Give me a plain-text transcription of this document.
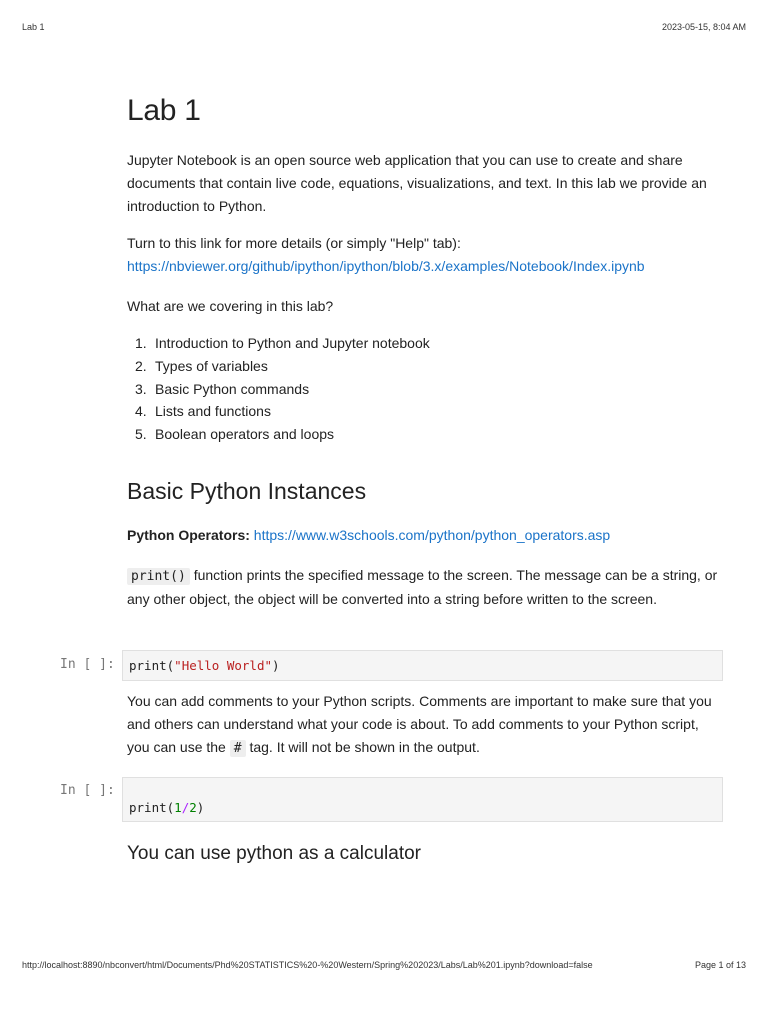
Lab 1	2023-05-15, 8:04 AM
Lab 1

Jupyter Notebook is an open source web application that you can use to create and share documents that contain live code, equations, visualizations, and text. In this lab we provide an introduction to Python.

Turn to this link for more details (or simply "Help" tab):
https://nbviewer.org/github/ipython/ipython/blob/3.x/examples/Notebook/Index.ipynb

What are we covering in this lab?

1. Introduction to Python and Jupyter notebook
2. Types of variables
3. Basic Python commands
4. Lists and functions
5. Boolean operators and loops
Basic Python Instances

Python Operators: https://www.w3schools.com/python/python_operators.asp

print() function prints the specified message to the screen. The message can be a string, or any other object, the object will be converted into a string before written to the screen.

In [ ]: print("Hello World")

You can add comments to your Python scripts. Comments are important to make sure that you and others can understand what your code is about. To add comments to your Python script, you can use the # tag. It will not be shown in the output.

In [ ]:
print(1/2)
You can use python as a calculator
http://localhost:8890/nbconvert/html/Documents/Phd%20STATISTICS%20-%20Western/Spring%202023/Labs/Lab%201.ipynb?download=false	Page 1 of 13
